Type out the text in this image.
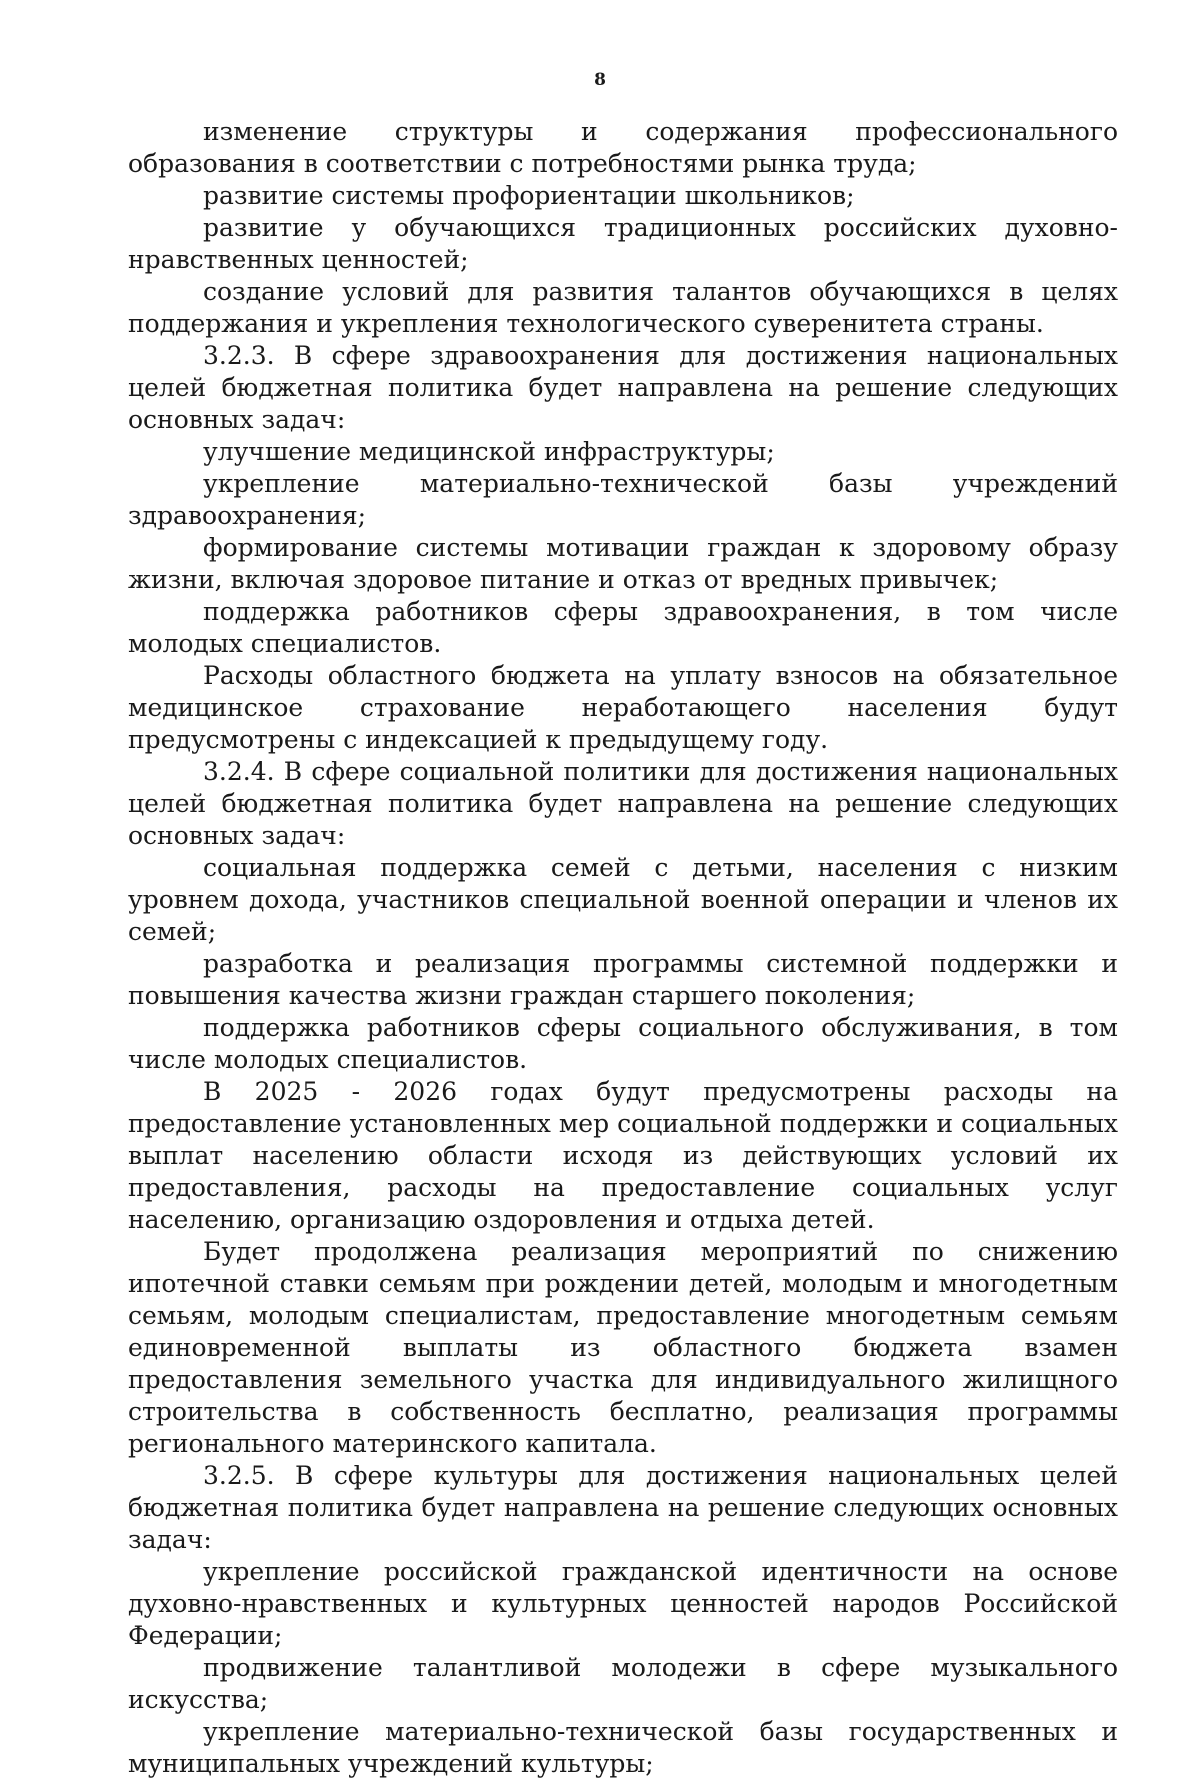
8

изменение структуры и содержания профессионального образования в соответствии с потребностями рынка труда;

развитие системы профориентации школьников;

развитие у обучающихся традиционных российских духовно-нравственных ценностей;

создание условий для развития талантов обучающихся в целях поддержания и укрепления технологического суверенитета страны.

3.2.3. В сфере здравоохранения для достижения национальных целей бюджетная политика будет направлена на решение следующих основных задач:

улучшение медицинской инфраструктуры;

укрепление материально-технической базы учреждений здравоохранения;

формирование системы мотивации граждан к здоровому образу жизни, включая здоровое питание и отказ от вредных привычек;

поддержка работников сферы здравоохранения, в том числе молодых специалистов.

Расходы областного бюджета на уплату взносов на обязательное медицинское страхование неработающего населения будут предусмотрены с индексацией к предыдущему году.

3.2.4. В сфере социальной политики для достижения национальных целей бюджетная политика будет направлена на решение следующих основных задач:

социальная поддержка семей с детьми, населения с низким уровнем дохода, участников специальной военной операции и членов их семей;

разработка и реализация программы системной поддержки и повышения качества жизни граждан старшего поколения;

поддержка работников сферы социального обслуживания, в том числе молодых специалистов.

В 2025 - 2026 годах будут предусмотрены расходы на предоставление установленных мер социальной поддержки и социальных выплат населению области исходя из действующих условий их предоставления, расходы на предоставление социальных услуг населению, организацию оздоровления и отдыха детей.

Будет продолжена реализация мероприятий по снижению ипотечной ставки семьям при рождении детей, молодым и многодетным семьям, молодым специалистам, предоставление многодетным семьям единовременной выплаты из областного бюджета взамен предоставления земельного участка для индивидуального жилищного строительства в собственность бесплатно, реализация программы регионального материнского капитала.

3.2.5. В сфере культуры для достижения национальных целей бюджетная политика будет направлена на решение следующих основных задач:

укрепление российской гражданской идентичности на основе духовно-нравственных и культурных ценностей народов Российской Федерации;

продвижение талантливой молодежи в сфере музыкального искусства;

укрепление материально-технической базы государственных и муниципальных учреждений культуры;
